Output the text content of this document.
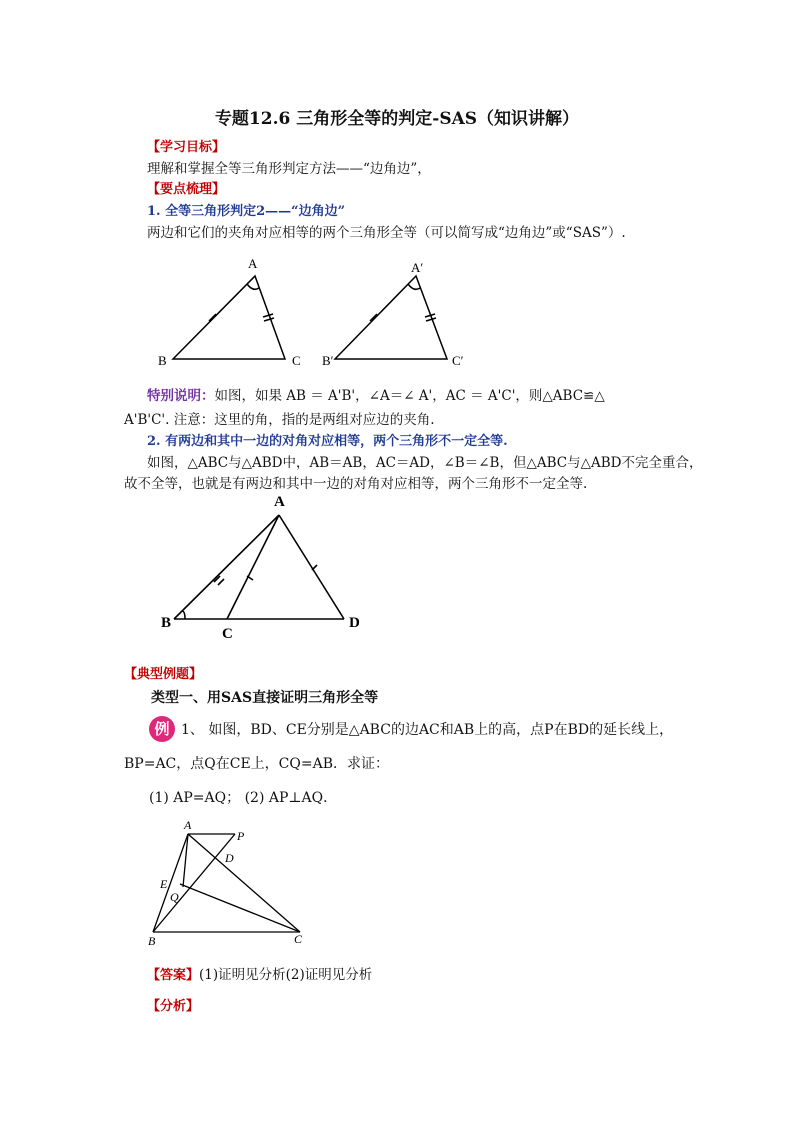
专题12.6 三角形全等的判定-SAS（知识讲解）
【学习目标】
理解和掌握全等三角形判定方法——“边角边”，
【要点梳理】
1. 全等三角形判定2——“边角边”
两边和它们的夹角对应相等的两个三角形全等（可以简写成“边角边”或“SAS”）.
A
B	C
A′
B′	C′
特别说明：如图，如果 AB ＝ A'B'，∠A＝∠ A'，AC ＝ A'C'，则△ABC≌△
A'B'C'. 注意：这里的角，指的是两组对应边的夹角.
2. 有两边和其中一边的对角对应相等，两个三角形不一定全等.
如图，△ABC与△ABD中，AB＝AB，AC＝AD，∠B＝∠B，但△ABC与△ABD不完全重合，
故不全等，也就是有两边和其中一边的对角对应相等，两个三角形不一定全等.
A
B
C
D
【典型例题】
类型一、用SAS直接证明三角形全等
例 1、 如图，BD、CE分别是△ABC的边AC和AB上的高，点P在BD的延长线上，
BP=AC，点Q在CE上，CQ=AB．求证：
(1) AP=AQ； (2) AP⊥AQ．
A
P
D
E
Q
B	C
【答案】(1)证明见分析(2)证明见分析
【分析】
